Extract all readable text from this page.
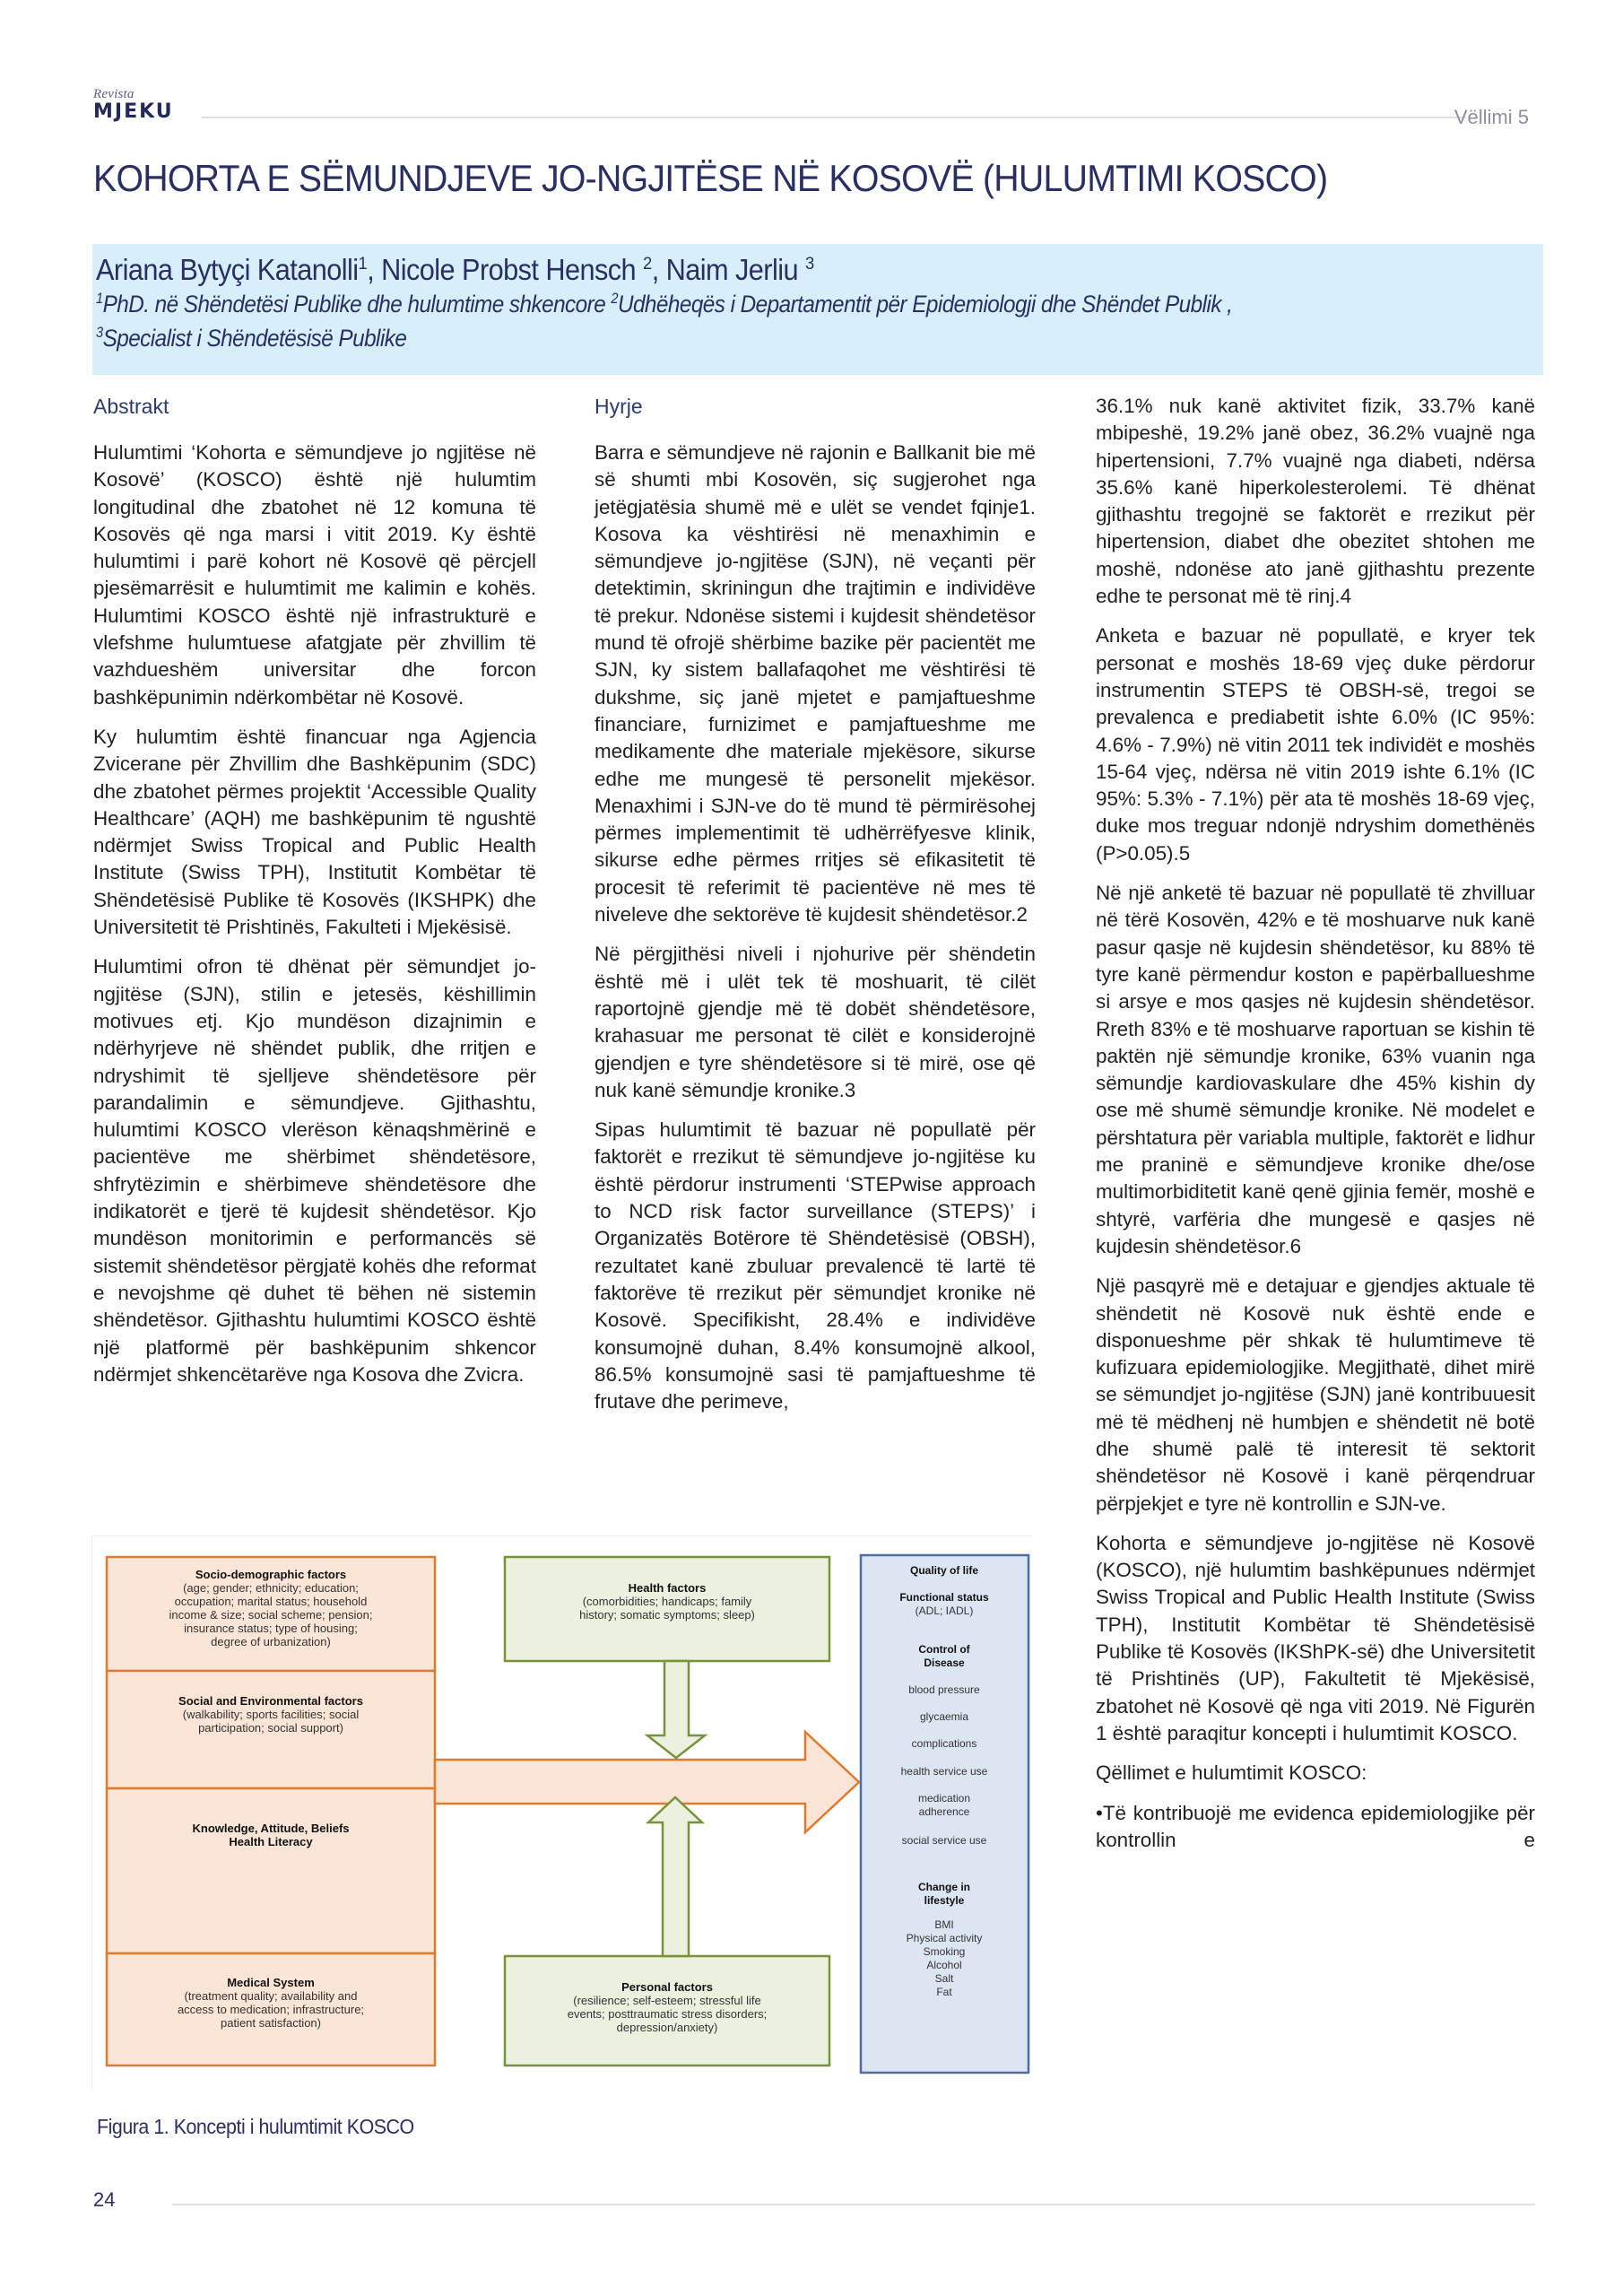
Revista
MJEKU	Vëllimi 5
KOHORTA E SËMUNDJEVE JO-NGJITËSE NË KOSOVË (HULUMTIMI KOSCO)
Ariana Bytyçi Katanolli$^1$, Nicole Probst Hensch $^2$, Naim Jerliu $^3$
$^1$PhD. në Shëndetësi Publike dhe hulumtime shkencore $^2$Udhëheqës i Departamentit për Epidemiologji dhe Shëndet Publik ,
$^3$Specialist i Shëndetësisë Publike
Abstrakt

Hulumtimi ‘Kohorta e sëmundjeve jo ngjitëse në Kosovë’ (KOSCO) është një hulumtim longitudinal dhe zbatohet në 12 komuna të Kosovës që nga marsi i vitit 2019. Ky është hulumtimi i parë kohort në Kosovë që përcjell pjesëmarrësit e hulumtimit me kalimin e kohës. Hulumtimi KOSCO është një infrastrukturë e vlefshme hulumtuese afatgjate për zhvillim të vazhdueshëm universitar dhe forcon bashkëpunimin ndërkombëtar në Kosovë.

Ky hulumtim është financuar nga Agjencia Zvicerane për Zhvillim dhe Bashkëpunim (SDC) dhe zbatohet përmes projektit ‘Accessible Quality Healthcare’ (AQH) me bashkëpunim të ngushtë ndërmjet Swiss Tropical and Public Health Institute (Swiss TPH), Institutit Kombëtar të Shëndetësisë Publike të Kosovës (IKSHPK) dhe Universitetit të Prishtinës, Fakulteti i Mjekësisë.

Hulumtimi ofron të dhënat për sëmundjet jo-ngjitëse (SJN), stilin e jetesës, këshillimin motivues etj. Kjo mundëson dizajnimin e ndërhyrjeve në shëndet publik, dhe rritjen e ndryshimit të sjelljeve shëndetësore për parandalimin e sëmundjeve. Gjithashtu, hulumtimi KOSCO vlerëson kënaqshmërinë e pacientëve me shërbimet shëndetësore, shfrytëzimin e shërbimeve shëndetësore dhe indikatorët e tjerë të kujdesit shëndetësor. Kjo mundëson monitorimin e performancës së sistemit shëndetësor përgjatë kohës dhe reformat e nevojshme që duhet të bëhen në sistemin shëndetësor. Gjithashtu hulumtimi KOSCO është një platformë për bashkëpunim shkencor ndërmjet shkencëtarëve nga Kosova dhe Zvicra.

Hyrje

Barra e sëmundjeve në rajonin e Ballkanit bie më së shumti mbi Kosovën, siç sugjerohet nga jetëgjatësia shumë më e ulët se vendet fqinje1. Kosova ka vështirësi në menaxhimin e sëmundjeve jo-ngjitëse (SJN), në veçanti për detektimin, skriningun dhe trajtimin e individëve të prekur. Ndonëse sistemi i kujdesit shëndetësor mund të ofrojë shërbime bazike për pacientët me SJN, ky sistem ballafaqohet me vështirësi të dukshme, siç janë mjetet e pamjaftueshme financiare, furnizimet e pamjaftueshme me medikamente dhe materiale mjekësore, sikurse edhe me mungesë të personelit mjekësor. Menaxhimi i SJN-ve do të mund të përmirësohej përmes implementimit të udhërrëfyesve klinik, sikurse edhe përmes rritjes së efikasitetit të procesit të referimit të pacientëve në mes të niveleve dhe sektorëve të kujdesit shëndetësor.2

Në përgjithësi niveli i njohurive për shëndetin është më i ulët tek të moshuarit, të cilët raportojnë gjendje më të dobët shëndetësore, krahasuar me personat të cilët e konsiderojnë gjendjen e tyre shëndetësore si të mirë, ose që nuk kanë sëmundje kronike.3

Sipas hulumtimit të bazuar në popullatë për faktorët e rrezikut të sëmundjeve jo-ngjitëse ku është përdorur instrumenti ‘STEPwise approach to NCD risk factor surveillance (STEPS)’ i Organizatës Botërore të Shëndetësisë (OBSH), rezultatet kanë zbuluar prevalencë të lartë të faktorëve të rrezikut për sëmundjet kronike në Kosovë. Specifikisht, 28.4% e individëve konsumojnë duhan, 8.4% konsumojnë alkool, 86.5% konsumojnë sasi të pamjaftueshme të frutave dhe perimeve,

36.1% nuk kanë aktivitet fizik, 33.7% kanë mbipeshë, 19.2% janë obez, 36.2% vuajnë nga hipertensioni, 7.7% vuajnë nga diabeti, ndërsa 35.6% kanë hiperkolesterolemi. Të dhënat gjithashtu tregojnë se faktorët e rrezikut për hipertension, diabet dhe obezitet shtohen me moshë, ndonëse ato janë gjithashtu prezente edhe te personat më të rinj.4

Anketa e bazuar në popullatë, e kryer tek personat e moshës 18-69 vjeç duke përdorur instrumentin STEPS të OBSH-së, tregoi se prevalenca e prediabetit ishte 6.0% (IC 95%: 4.6% - 7.9%) në vitin 2011 tek individët e moshës 15-64 vjeç, ndërsa në vitin 2019 ishte 6.1% (IC 95%: 5.3% - 7.1%) për ata të moshës 18-69 vjeç, duke mos treguar ndonjë ndryshim domethënës (P>0.05).5

Në një anketë të bazuar në popullatë të zhvilluar në tërë Kosovën, 42% e të moshuarve nuk kanë pasur qasje në kujdesin shëndetësor, ku 88% të tyre kanë përmendur koston e papërballueshme si arsye e mos qasjes në kujdesin shëndetësor. Rreth 83% e të moshuarve raportuan se kishin të paktën një sëmundje kronike, 63% vuanin nga sëmundje kardiovaskulare dhe 45% kishin dy ose më shumë sëmundje kronike. Në modelet e përshtatura për variabla multiple, faktorët e lidhur me praninë e sëmundjeve kronike dhe/ose multimorbiditetit kanë qenë gjinia femër, moshë e shtyrë, varfëria dhe mungesë e qasjes në kujdesin shëndetësor.6

Një pasqyrë më e detajuar e gjendjes aktuale të shëndetit në Kosovë nuk është ende e disponueshme për shkak të hulumtimeve të kufizuara epidemiologjike. Megjithatë, dihet mirë se sëmundjet jo-ngjitëse (SJN) janë kontribuuesit më të mëdhenj në humbjen e shëndetit në botë dhe shumë palë të interesit të sektorit shëndetësor në Kosovë i kanë përqendruar përpjekjet e tyre në kontrollin e SJN-ve.

Kohorta e sëmundjeve jo-ngjitëse në Kosovë (KOSCO), një hulumtim bashkëpunues ndërmjet Swiss Tropical and Public Health Institute (Swiss TPH), Institutit Kombëtar të Shëndetësisë Publike të Kosovës (IKShPK-së) dhe Universitetit të Prishtinës (UP), Fakultetit të Mjekësisë, zbatohet në Kosovë që nga viti 2019. Në Figurën 1 është paraqitur koncepti i hulumtimit KOSCO.

Qëllimet e hulumtimit KOSCO:

•Të kontribuojë me evidenca epidemiologjike për kontrollin e

Socio-demographic factors
(age; gender; ethnicity; education;
occupation; marital status; household
income & size; social scheme; pension;
insurance status; type of housing;
degree of urbanization)
Social and Environmental factors
(walkability; sports facilities; social
participation; social support)
Knowledge, Attitude, Beliefs
Health Literacy
Medical System
(treatment quality; availability and
access to medication; infrastructure;
patient satisfaction)
Health factors
(comorbidities; handicaps; family
history; somatic symptoms; sleep)
Personal factors
(resilience; self-esteem; stressful life
events; posttraumatic stress disorders;
depression/anxiety)
Quality of life
Functional status
(ADL; IADL)
Control of
Disease
blood pressure
glycaemia
complications
health service use
medication
adherence
social service use
Change in
lifestyle
BMI
Physical activity
Smoking
Alcohol
Salt
Fat
Figura 1. Koncepti i hulumtimit KOSCO
24
